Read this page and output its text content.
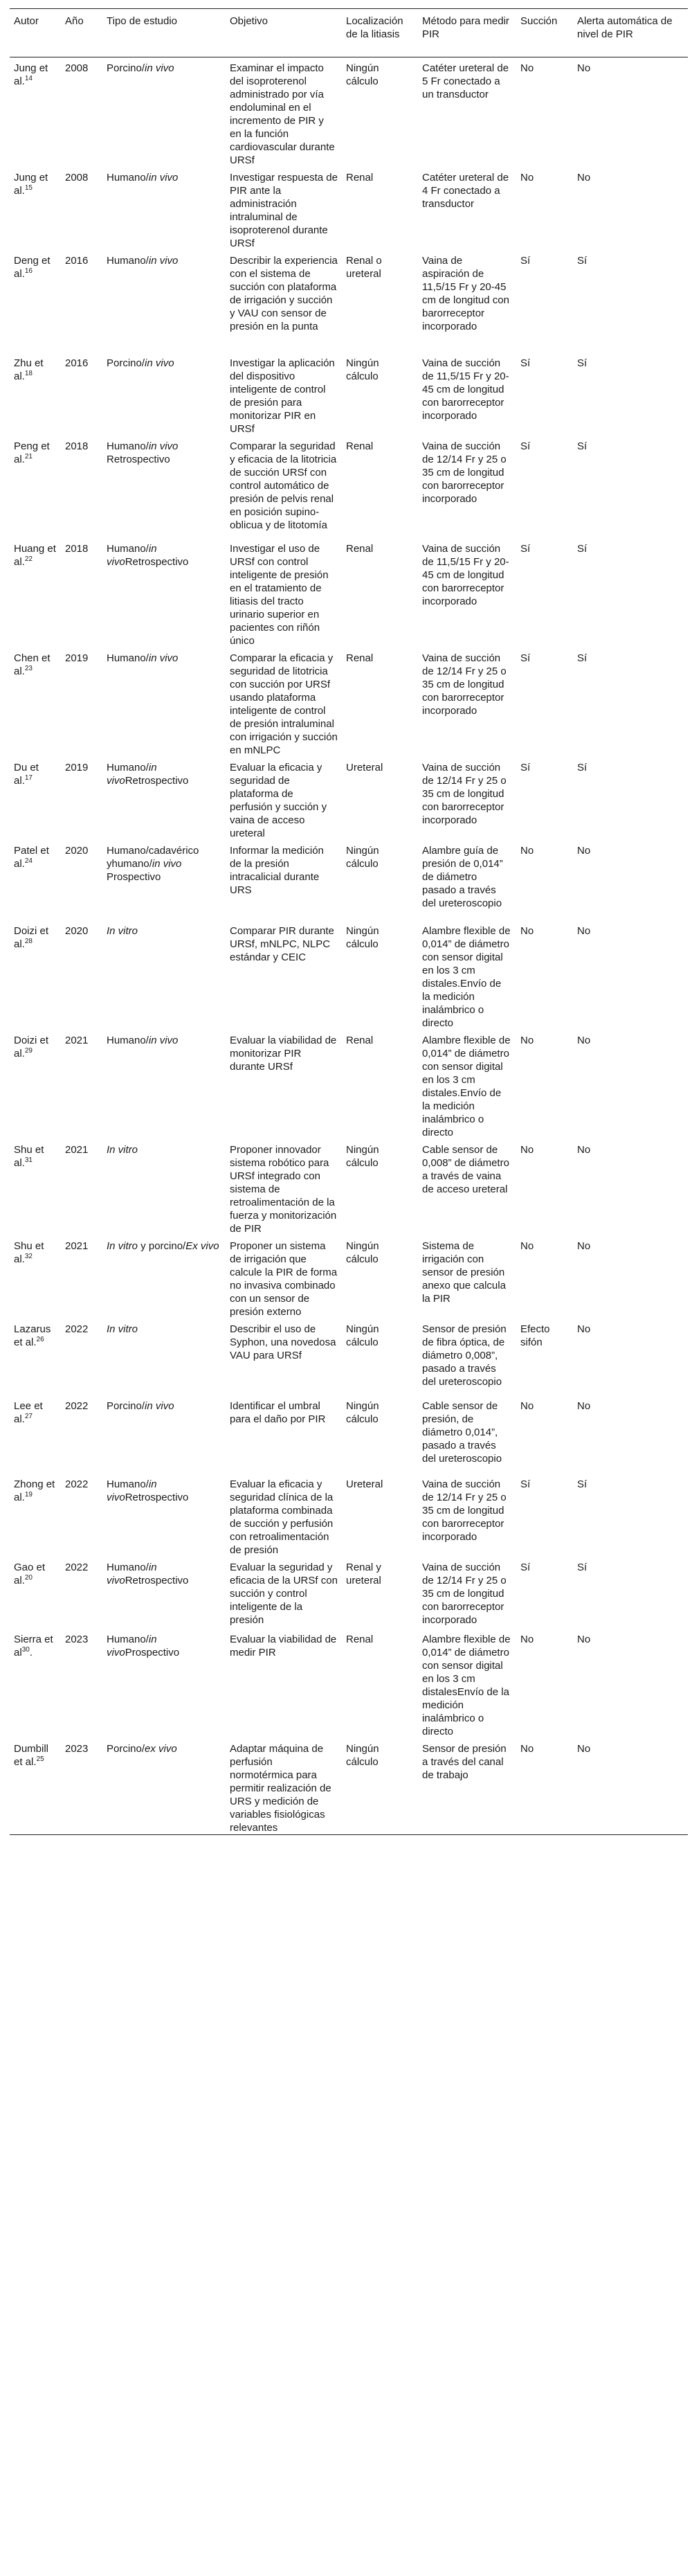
Autor	Año	Tipo de estudio	Objetivo	Localización de la litiasis	Método para medir PIR	Succión	Alerta automática de nivel de PIR
Jung et al.$^{14}$	2008	Porcino/in vivo	Examinar el impacto del isoproterenol administrado por vía endoluminal en el incremento de PIR y en la función cardiovascular durante URSf	Ningún cálculo	Catéter ureteral de 5 Fr conectado a un transductor	No	No
Jung et al.$^{15}$	2008	Humano/in vivo	Investigar respuesta de PIR ante la administración intraluminal de isoproterenol durante URSf	Renal	Catéter ureteral de 4 Fr conectado a transductor	No	No
Deng et al.$^{16}$	2016	Humano/in vivo	Describir la experiencia con el sistema de succión con plataforma de irrigación y succión y VAU con sensor de presión en la punta	Renal o ureteral	Vaina de aspiración de 11,5/15 Fr y 20-45 cm de longitud con barorreceptor incorporado	Sí	Sí
Zhu et al.$^{18}$	2016	Porcino/in vivo	Investigar la aplicación del dispositivo inteligente de control de presión para monitorizar PIR en URSf	Ningún cálculo	Vaina de succión de 11,5/15 Fr y 20-45 cm de longitud con barorreceptor incorporado	Sí	Sí
Peng et al.$^{21}$	2018	Humano/in vivo Retrospectivo	Comparar la seguridad y eficacia de la litotricia de succión URSf con control automático de presión de pelvis renal en posición supino-oblicua y de litotomía	Renal	Vaina de succión de 12/14 Fr y 25 o 35 cm de longitud con barorreceptor incorporado	Sí	Sí
Huang et al.$^{22}$	2018	Humano/in vivoRetrospectivo	Investigar el uso de URSf con control inteligente de presión en el tratamiento de litiasis del tracto urinario superior en pacientes con riñón único	Renal	Vaina de succión de 11,5/15 Fr y 20-45 cm de longitud con barorreceptor incorporado	Sí	Sí
Chen et al.$^{23}$	2019	Humano/in vivo	Comparar la eficacia y seguridad de litotricia con succión por URSf usando plataforma inteligente de control de presión intraluminal con irrigación y succión en mNLPC	Renal	Vaina de succión de 12/14 Fr y 25 o 35 cm de longitud con barorreceptor incorporado	Sí	Sí
Du et al.$^{17}$	2019	Humano/in vivoRetrospectivo	Evaluar la eficacia y seguridad de plataforma de perfusión y succión y vaina de acceso ureteral	Ureteral	Vaina de succión de 12/14 Fr y 25 o 35 cm de longitud con barorreceptor incorporado	Sí	Sí
Patel et al.$^{24}$	2020	Humano/cadavérico yhumano/in vivo Prospectivo	Informar la medición de la presión intracalicial durante URS	Ningún cálculo	Alambre guía de presión de 0,014” de diámetro pasado a través del ureteroscopio	No	No
Doizi et al.$^{28}$	2020	In vitro	Comparar PIR durante URSf, mNLPC, NLPC estándar y CEIC	Ningún cálculo	Alambre flexible de 0,014” de diámetro con sensor digital en los 3 cm distales.Envío de la medición inalámbrico o directo	No	No
Doizi et al.$^{29}$	2021	Humano/in vivo	Evaluar la viabilidad de monitorizar PIR durante URSf	Renal	Alambre flexible de 0,014” de diámetro con sensor digital en los 3 cm distales.Envío de la medición inalámbrico o directo	No	No
Shu et al.$^{31}$	2021	In vitro	Proponer innovador sistema robótico para URSf integrado con sistema de retroalimentación de la fuerza y monitorización de PIR	Ningún cálculo	Cable sensor de 0,008” de diámetro a través de vaina de acceso ureteral	No	No
Shu et al.$^{32}$	2021	In vitro y porcino/Ex vivo	Proponer un sistema de irrigación que calcule la PIR de forma no invasiva combinado con un sensor de presión externo	Ningún cálculo	Sistema de irrigación con sensor de presión anexo que calcula la PIR	No	No
Lazarus et al.$^{26}$	2022	In vitro	Describir el uso de Syphon, una novedosa VAU para URSf	Ningún cálculo	Sensor de presión de fibra óptica, de diámetro 0,008”, pasado a través del ureteroscopio	Efecto sifón	No
Lee et al.$^{27}$	2022	Porcino/in vivo	Identificar el umbral para el daño por PIR	Ningún cálculo	Cable sensor de presión, de diámetro 0,014”, pasado a través del ureteroscopio	No	No
Zhong et al.$^{19}$	2022	Humano/in vivoRetrospectivo	Evaluar la eficacia y seguridad clínica de la plataforma combinada de succión y perfusión con retroalimentación de presión	Ureteral	Vaina de succión de 12/14 Fr y 25 o 35 cm de longitud con barorreceptor incorporado	Sí	Sí
Gao et al.$^{20}$	2022	Humano/in vivoRetrospectivo	Evaluar la seguridad y eficacia de la URSf con succión y control inteligente de la presión	Renal y ureteral	Vaina de succión de 12/14 Fr y 25 o 35 cm de longitud con barorreceptor incorporado	Sí	Sí
Sierra et $al^{30}$.	2023	Humano/in vivoProspectivo	Evaluar la viabilidad de medir PIR	Renal	Alambre flexible de 0,014” de diámetro con sensor digital en los 3 cm distalesEnvío de la medición inalámbrico o directo	No	No
Dumbill et al.$^{25}$	2023	Porcino/ex vivo	Adaptar máquina de perfusión normotérmica para permitir realización de URS y medición de variables fisiológicas relevantes	Ningún cálculo	Sensor de presión a través del canal de trabajo	No	No
